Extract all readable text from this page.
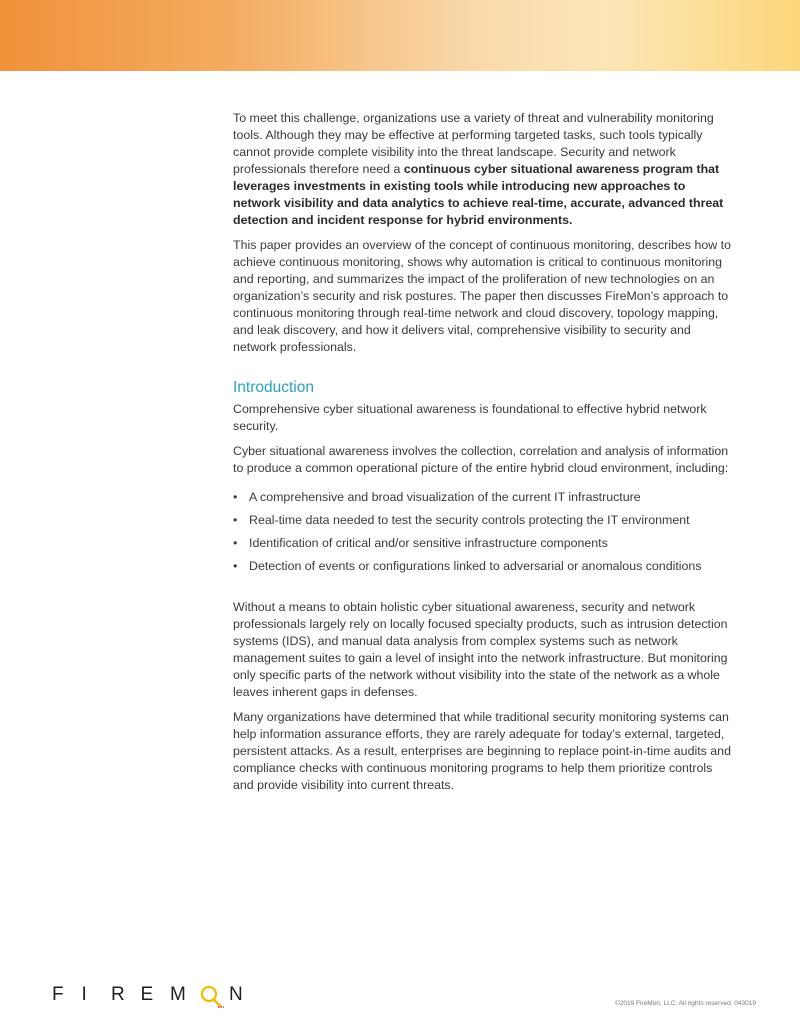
To meet this challenge, organizations use a variety of threat and vulnerability monitoring tools. Although they may be effective at performing targeted tasks, such tools typically cannot provide complete visibility into the threat landscape. Security and network professionals therefore need a continuous cyber situational awareness program that leverages investments in existing tools while introducing new approaches to network visibility and data analytics to achieve real-time, accurate, advanced threat detection and incident response for hybrid environments.

This paper provides an overview of the concept of continuous monitoring, describes how to achieve continuous monitoring, shows why automation is critical to continuous monitoring and reporting, and summarizes the impact of the proliferation of new technologies on an organization’s security and risk postures. The paper then discusses FireMon’s approach to continuous monitoring through real-time network and cloud discovery, topology mapping, and leak discovery, and how it delivers vital, comprehensive visibility to security and network professionals.

Introduction

Comprehensive cyber situational awareness is foundational to effective hybrid network security.

Cyber situational awareness involves the collection, correlation and analysis of information to produce a common operational picture of the entire hybrid cloud environment, including:

• A comprehensive and broad visualization of the current IT infrastructure
• Real-time data needed to test the security controls protecting the IT environment
• Identification of critical and/or sensitive infrastructure components
• Detection of events or configurations linked to adversarial or anomalous conditions

Without a means to obtain holistic cyber situational awareness, security and network professionals largely rely on locally focused specialty products, such as intrusion detection systems (IDS), and manual data analysis from complex systems such as network management suites to gain a level of insight into the network infrastructure. But monitoring only specific parts of the network without visibility into the state of the network as a whole leaves inherent gaps in defenses.

Many organizations have determined that while traditional security monitoring systems can help information assurance efforts, they are rarely adequate for today’s external, targeted, persistent attacks. As a result, enterprises are beginning to replace point-in-time audits and compliance checks with continuous monitoring programs to help them prioritize controls and provide visibility into current threats.

F I	R E M	N	©2019 FireMon, LLC. All rights reserved. 043019
